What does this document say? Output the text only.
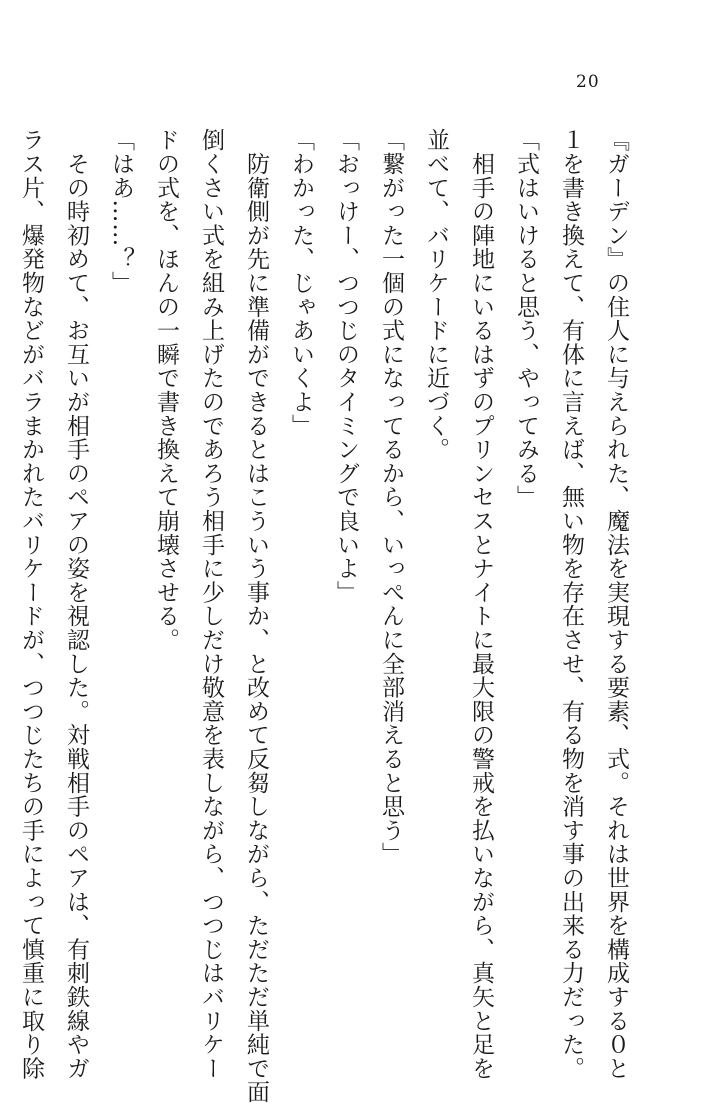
20

『ガーデン』の住人に与えられた、魔法を実現する要素、式。それは世界を構成する０と

１を書き換えて、有体に言えば、無い物を存在させ、有る物を消す事の出来る力だった。

「式はいけると思う、やってみる」

　相手の陣地にいるはずのプリンセスとナイトに最大限の警戒を払いながら、真矢と足を

並べて、バリケードに近づく。

「繋がった一個の式になってるから、いっぺんに全部消えると思う」

「おっけー、つつじのタイミングで良いよ」

「わかった、じゃあいくよ」

　防衛側が先に準備ができるとはこういう事か、と改めて反芻しながら、ただただ単純で面

倒くさい式を組み上げたのであろう相手に少しだけ敬意を表しながら、つつじはバリケー

ドの式を、ほんの一瞬で書き換えて崩壊させる。

「はあ……？」

　その時初めて、お互いが相手のペアの姿を視認した。対戦相手のペアは、有刺鉄線やガ

ラス片、爆発物などがバラまかれたバリケードが、つつじたちの手によって慎重に取り除
